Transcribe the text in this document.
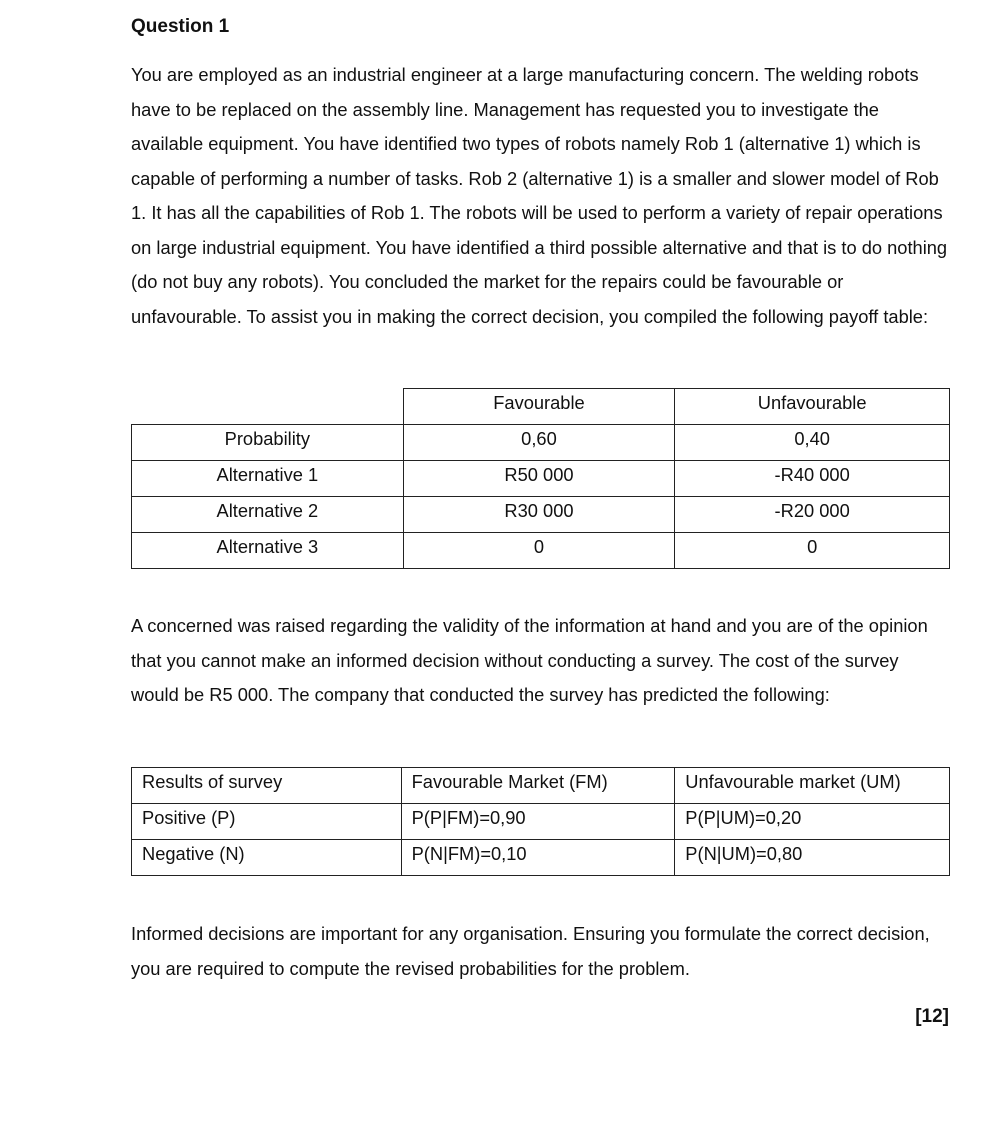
Question 1

You are employed as an industrial engineer at a large manufacturing concern. The welding robots have to be replaced on the assembly line. Management has requested you to investigate the available equipment. You have identified two types of robots namely Rob 1 (alternative 1) which is capable of performing a number of tasks. Rob 2 (alternative 1) is a smaller and slower model of Rob 1. It has all the capabilities of Rob 1. The robots will be used to perform a variety of repair operations on large industrial equipment. You have identified a third possible alternative and that is to do nothing (do not buy any robots). You concluded the market for the repairs could be favourable or unfavourable. To assist you in making the correct decision, you compiled the following payoff table:

	Favourable	Unfavourable
Probability	0,60	0,40
Alternative 1	R50 000	-R40 000
Alternative 2	R30 000	-R20 000
Alternative 3	0	0

A concerned was raised regarding the validity of the information at hand and you are of the opinion that you cannot make an informed decision without conducting a survey. The cost of the survey would be R5 000. The company that conducted the survey has predicted the following:

Results of survey	Favourable Market (FM)	Unfavourable market (UM)
Positive (P)	P(P|FM)=0,90	P(P|UM)=0,20
Negative (N)	P(N|FM)=0,10	P(N|UM)=0,80

Informed decisions are important for any organisation. Ensuring you formulate the correct decision, you are required to compute the revised probabilities for the problem.

[12]
